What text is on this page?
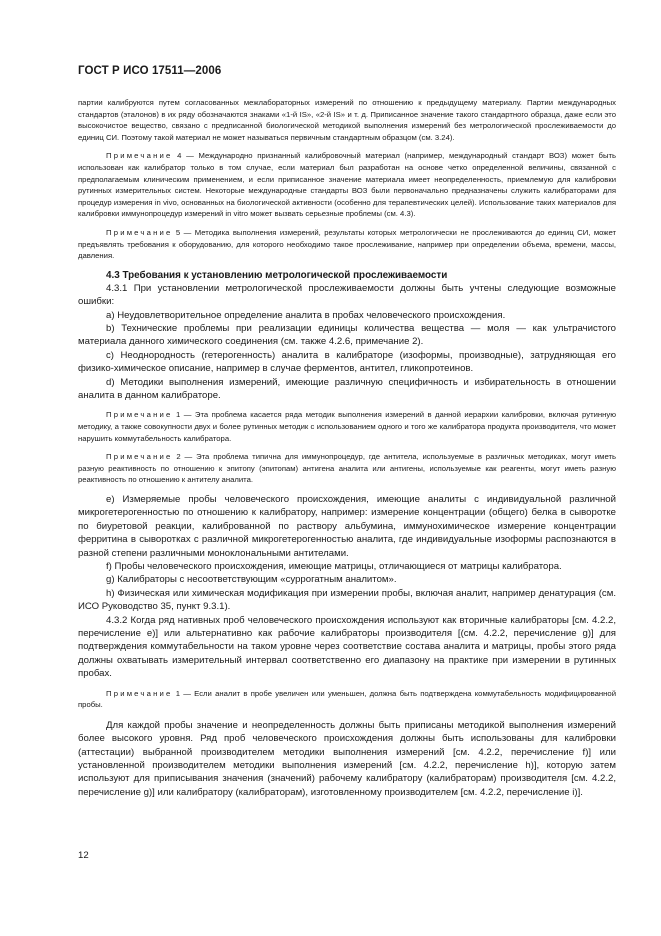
ГОСТ Р ИСО 17511—2006

партии калибруются путем согласованных межлабораторных измерений по отношению к предыдущему материалу. Партии международных стандартов (эталонов) в их ряду обозначаются знаками «1-й IS», «2-й IS» и т. д. Приписанное значение такого стандартного образца, даже если это высокочистое вещество, связано с предписанной биологической методикой выполнения измерений без метрологической прослеживаемости до единиц СИ. Поэтому такой материал не может называться первичным стандартным образцом (см. 3.24).

Примечание 4 — Международно признанный калибровочный материал (например, международный стандарт ВОЗ) может быть использован как калибратор только в том случае, если материал был разработан на основе четко определенной величины, связанной с предполагаемым клиническим применением, и если приписанное значение материала имеет неопределенность, приемлемую для калибровки рутинных измерительных систем. Некоторые международные стандарты ВОЗ были первоначально предназначены служить калибраторами для процедур измерения in vivo, основанных на биологической активности (особенно для терапевтических целей). Использование таких материалов для калибровки иммунопроцедур измерений in vitro может вызвать серьезные проблемы (см. 4.3).

Примечание 5 — Методика выполнения измерений, результаты которых метрологически не прослеживаются до единиц СИ, может предъявлять требования к оборудованию, для которого необходимо такое прослеживание, например при определении объема, времени, массы, давления.

4.3 Требования к установлению метрологической прослеживаемости

4.3.1 При установлении метрологической прослеживаемости должны быть учтены следующие возможные ошибки:

a) Неудовлетворительное определение аналита в пробах человеческого происхождения.

b) Технические проблемы при реализации единицы количества вещества — моля — как ультрачистого материала данного химического соединения (см. также 4.2.6, примечание 2).

c) Неоднородность (гетерогенность) аналита в калибраторе (изоформы, производные), затрудняющая его физико-химическое описание, например в случае ферментов, антител, гликопротеинов.

d) Методики выполнения измерений, имеющие различную специфичность и избирательность в отношении аналита в данном калибраторе.

Примечание 1 — Эта проблема касается ряда методик выполнения измерений в данной иерархии калибровки, включая рутинную методику, а также совокупности двух и более рутинных методик с использованием одного и того же калибратора продукта производителя, что может нарушить коммутабельность калибратора.

Примечание 2 — Эта проблема типична для иммунопроцедур, где антитела, используемые в различных методиках, могут иметь разную реактивность по отношению к эпитопу (эпитопам) антигена аналита или антигены, используемые как реагенты, могут иметь разную реактивность по отношению к антителу аналита.

e) Измеряемые пробы человеческого происхождения, имеющие аналиты с индивидуальной различной микрогетерогенностью по отношению к калибратору, например: измерение концентрации (общего) белка в сыворотке по биуретовой реакции, калиброванной по раствору альбумина, иммунохимическое измерение концентрации ферритина в сыворотках с различной микрогетерогенностью аналита, где индивидуальные изоформы распознаются в разной степени различными моноклональными антителами.

f) Пробы человеческого происхождения, имеющие матрицы, отличающиеся от матрицы калибратора.

g) Калибраторы с несоответствующим «суррогатным аналитом».

h) Физическая или химическая модификация при измерении пробы, включая аналит, например денатурация (см. ИСО Руководство 35, пункт 9.3.1).

4.3.2 Когда ряд нативных проб человеческого происхождения используют как вторичные калибраторы [см. 4.2.2, перечисление e)] или альтернативно как рабочие калибраторы производителя [(см. 4.2.2, перечисление g)] для подтверждения коммутабельности на таком уровне через соответствие состава аналита и матрицы, пробы этого ряда должны охватывать измерительный интервал соответственно его диапазону на практике при измерении в рутинных пробах.

Примечание 1 — Если аналит в пробе увеличен или уменьшен, должна быть подтверждена коммутабельность модифицированной пробы.

Для каждой пробы значение и неопределенность должны быть приписаны методикой выполнения измерений более высокого уровня. Ряд проб человеческого происхождения должны быть использованы для калибровки (аттестации) выбранной производителем методики выполнения измерений [см. 4.2.2, перечисление f)] или установленной производителем методики выполнения измерений [см. 4.2.2, перечисление h)], которую затем используют для приписывания значения (значений) рабочему калибратору (калибраторам) производителя [см. 4.2.2, перечисление g)] или калибратору (калибраторам), изготовленному производителем [см. 4.2.2, перечисление i)].

12
